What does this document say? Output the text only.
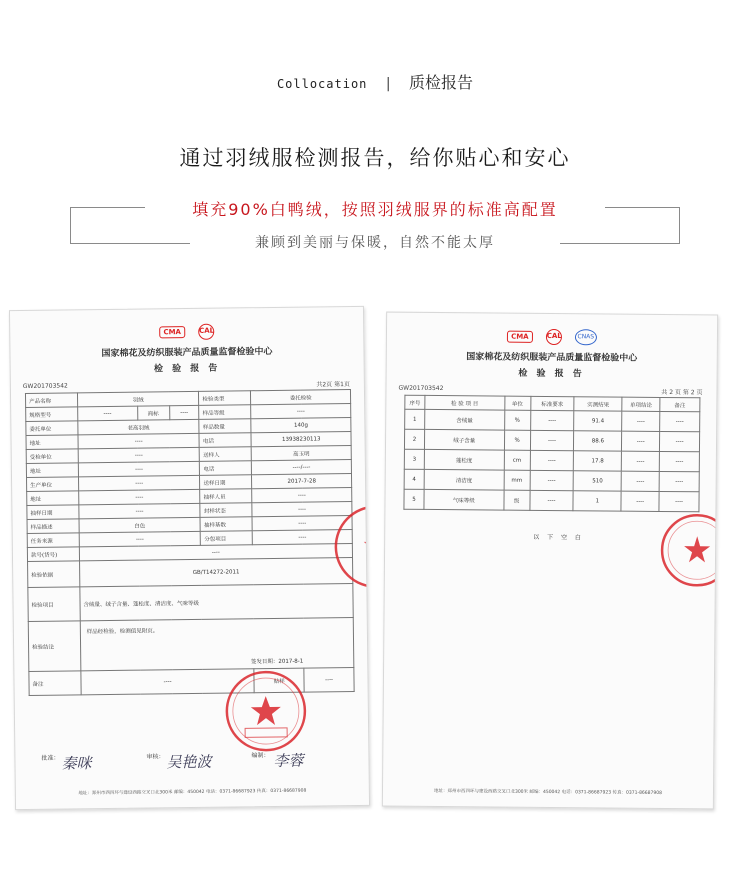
Collocation | 质检报告
通过羽绒服检测报告，给你贴心和安心
填充90%白鸭绒，按照羽绒服界的标准高配置
兼顾到美丽与保暖，自然不能太厚
CMA	CAL
国家棉花及纺织服装产品质量监督检验中心
检 验 报 告
GW201703542	共2页 第1页
产品名称	羽绒			检验类型	委托检验	
规格型号	----	商标	----	样品等级	----	
委托单位	老高羽绒			样品数量	140g	
地址	----			电话	13938230113	
受检单位	----			送样人	高玉明	
地址	----			电话	----/----	
生产单位	----			送样日期	2017-7-28	
地址	----			抽样人员	----	
抽样日期	----			封样状态	----	
样品描述	白色			抽样基数	----	
任务来源	----			分包项目	----	
款号(货号)	----					
检验依据	GB/T14272-2011					
检验项目	含绒量、绒子含量、蓬松度、清洁度、气味等级					
检验结论	样品经检验，检测值见附页。
签发日期：2017-8-1					

备注	----				贴样	----
批准： 秦咪	审核： 吴艳波	编制： 李蓉
地址：郑州市西四环与建设西路交叉口北300米 邮编：450042 电话：0371-86687923 传真：0371-86687908
CMA	CAL	CNAS
国家棉花及纺织服装产品质量监督检验中心
检 验 报 告
GW201703542
共 2 页 第 2 页
序号	检 验 项 目	单位	标准要求	实测结果	单项结论	备注
1	含绒量	%	----	91.4	----	----
2	绒子含量	%	----	88.6	----	----
3	蓬松度	cm	----	17.8	----	----
4	清洁度	mm	----	510	----	----
5	气味等级	级	----	1	----	----
以 下 空 白
地址：郑州市西四环与建设西路交叉口北300米 邮编：450042 电话：0371-86687923 传真：0371-86687908
